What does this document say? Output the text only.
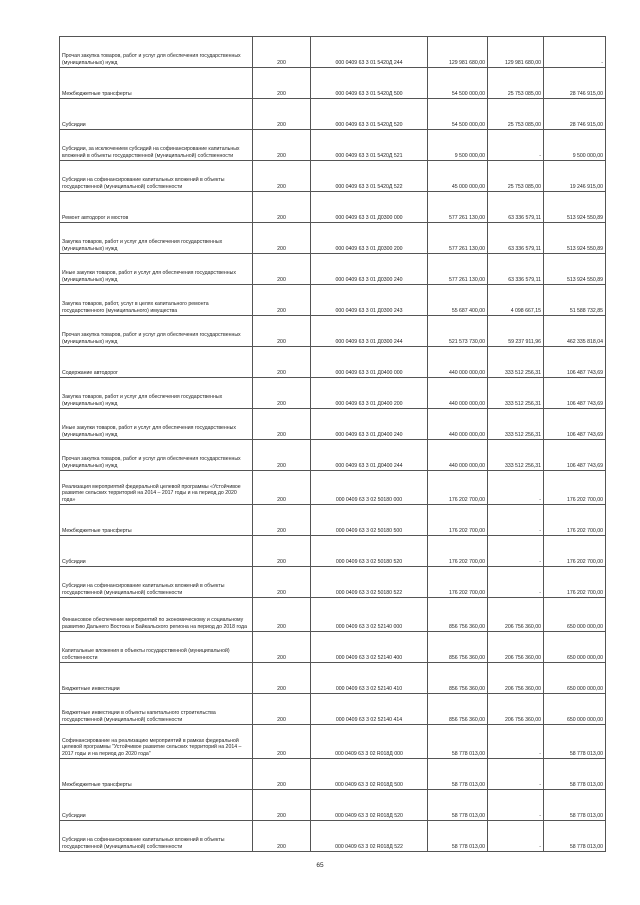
Прочая закупка товаров, работ и услуг для обеспечения государственных (муниципальных) нужд	200	000 0409 63 3 01 5420Д 244	129 981 680,00	129 981 680,00	-
Межбюджетные трансферты	200	000 0409 63 3 01 5420Д 500	54 500 000,00	25 753 085,00	28 746 915,00
Субсидии	200	000 0409 63 3 01 5420Д 520	54 500 000,00	25 753 085,00	28 746 915,00
Субсидии, за исключением субсидий на софинансирование капитальных вложений в объекты государственной (муниципальной) собственности	200	000 0409 63 3 01 5420Д 521	9 500 000,00	-	9 500 000,00
Субсидии на софинансирование капитальных вложений в объекты государственной (муниципальной) собственности	200	000 0409 63 3 01 5420Д 522	45 000 000,00	25 753 085,00	19 246 915,00
Ремонт автодорог и мостов	200	000 0409 63 3 01 Д0300 000	577 261 130,00	63 336 579,11	513 924 550,89
Закупка товаров, работ и услуг для обеспечения государственных (муниципальных) нужд	200	000 0409 63 3 01 Д0300 200	577 261 130,00	63 336 579,11	513 924 550,89
Иные закупки товаров, работ и услуг для обеспечения государственных (муниципальных) нужд	200	000 0409 63 3 01 Д0300 240	577 261 130,00	63 336 579,11	513 924 550,89
Закупка товаров, работ, услуг в целях капитального ремонта государственного (муниципального) имущества	200	000 0409 63 3 01 Д0300 243	55 687 400,00	4 098 667,15	51 588 732,85
Прочая закупка товаров, работ и услуг для обеспечения государственных (муниципальных) нужд	200	000 0409 63 3 01 Д0300 244	521 573 730,00	59 237 911,96	462 335 818,04
Содержание автодорог	200	000 0409 63 3 01 Д0400 000	440 000 000,00	333 512 256,31	106 487 743,69
Закупка товаров, работ и услуг для обеспечения государственных (муниципальных) нужд	200	000 0409 63 3 01 Д0400 200	440 000 000,00	333 512 256,31	106 487 743,69
Иные закупки товаров, работ и услуг для обеспечения государственных (муниципальных) нужд	200	000 0409 63 3 01 Д0400 240	440 000 000,00	333 512 256,31	106 487 743,69
Прочая закупка товаров, работ и услуг для обеспечения государственных (муниципальных) нужд	200	000 0409 63 3 01 Д0400 244	440 000 000,00	333 512 256,31	106 487 743,69
Реализация мероприятий федеральной целевой программы «Устойчивое развитие сельских территорий на 2014 – 2017 годы и на период до 2020 года»	200	000 0409 63 3 02 50180 000	176 202 700,00	-	176 202 700,00
Межбюджетные трансферты	200	000 0409 63 3 02 50180 500	176 202 700,00	-	176 202 700,00
Субсидии	200	000 0409 63 3 02 50180 520	176 202 700,00	-	176 202 700,00
Субсидии на софинансирование капитальных вложений в объекты государственной (муниципальной) собственности	200	000 0409 63 3 02 50180 522	176 202 700,00	-	176 202 700,00
Финансовое обеспечение мероприятий по экономическому и социальному развитию Дальнего Востока и Байкальского региона на период до 2018 года	200	000 0409 63 3 02 52140 000	856 756 360,00	206 756 360,00	650 000 000,00
Капитальные вложения в объекты государственной (муниципальной) собственности	200	000 0409 63 3 02 52140 400	856 756 360,00	206 756 360,00	650 000 000,00
Бюджетные инвестиции	200	000 0409 63 3 02 52140 410	856 756 360,00	206 756 360,00	650 000 000,00
Бюджетные инвестиции в объекты капитального строительства государственной (муниципальной) собственности	200	000 0409 63 3 02 52140 414	856 756 360,00	206 756 360,00	650 000 000,00
Софинансирование на реализацию мероприятий в рамках федеральной целевой программы "Устойчивое развитие сельских территорий на 2014 – 2017 годы и на период до 2020 года"	200	000 0409 63 3 02 R018Д 000	58 778 013,00	-	58 778 013,00
Межбюджетные трансферты	200	000 0409 63 3 02 R018Д 500	58 778 013,00	-	58 778 013,00
Субсидии	200	000 0409 63 3 02 R018Д 520	58 778 013,00	-	58 778 013,00
Субсидии на софинансирование капитальных вложений в объекты государственной (муниципальной) собственности	200	000 0409 63 3 02 R018Д 522	58 778 013,00	-	58 778 013,00
65
